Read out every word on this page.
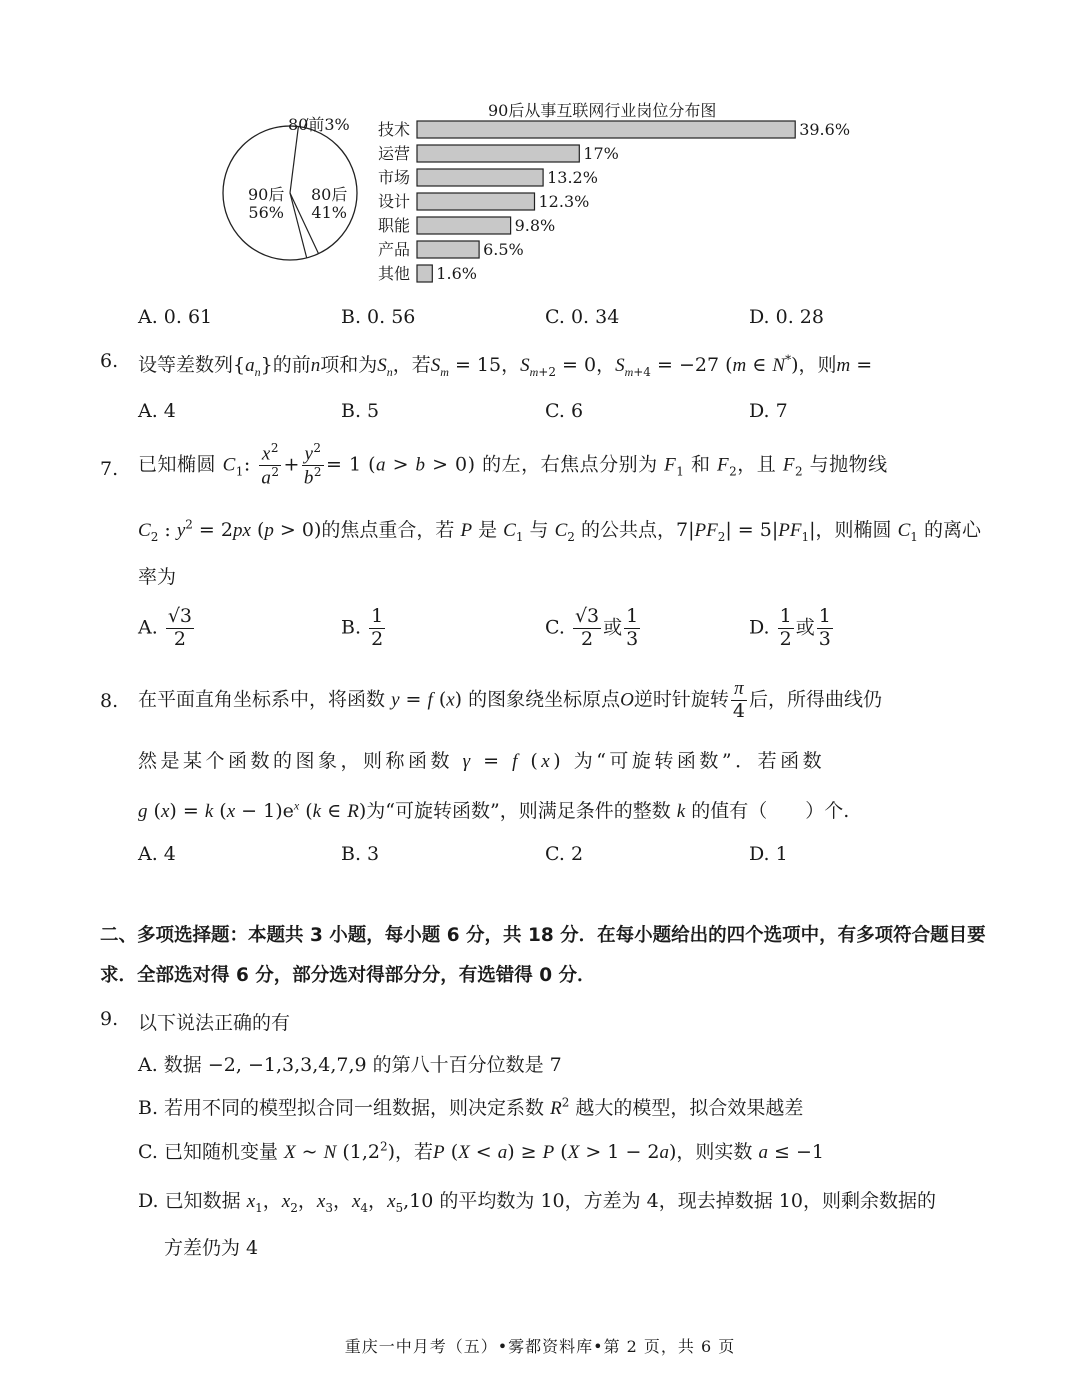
80前3%
90后
56%
80后
41%
90后从事互联网行业岗位分布图
技术	39.6%
运营	17%
市场	13.2%
设计	12.3%
职能	9.8%
产品	6.5%
其他 1.6%
A. 0. 61	B. 0. 56	C. 0. 34	D. 0. 28
6. 设等差数列$\{a_n\}$的前n项和为$S_n$，若$S_m = 15$，$S_{m+2} = 0$，$S_{m+4} = -27$ (m ∈ N*)，则m =
A. 4	B. 5	C. 6	D. 7
7. 已知椭圆 $C_1$: $\frac{x^2}{a^2} + \frac{y^2}{b^2} = 1$ (a > b > 0) 的左，右焦点分别为 $F_1$ 和 $F_2$，且 $F_2$ 与抛物线
$C_2$ : $y^2 = 2px$ (p > 0)的焦点重合，若 P 是 $C_1$ 与 $C_2$ 的公共点，$7|PF_2| = 5|PF_1|$，则椭圆 $C_1$ 的离心
率为
A. $\frac{√3}{2}$	B. $\frac{1}{2}$	C. $\frac{√3}{2}$ 或 $\frac{1}{3}$	D. $\frac{1}{2}$ 或 $\frac{1}{3}$
8. 在平面直角坐标系中，将函数 y = f (x) 的图象绕坐标原点O逆时针旋转 $\frac{\pi}{4}$ 后，所得曲线仍
然是某个函数的图象，则称函数 γ = f (x) 为“可旋转函数”．若函数
g (x) = k $(x - 1)e^x$ (k ∈ R)为“可旋转函数”，则满足条件的整数 k 的值有（　　）个.
A. 4	B. 3	C. 2	D. 1
二、多项选择题：本题共 3 小题，每小题 6 分，共 18 分．在每小题给出的四个选项中，有多项符合题目要求．全部选对得 6 分，部分选对得部分分，有选错得 0 分．
9. 以下说法正确的有
A. 数据 −2, −1,3,3,4,7,9 的第八十百分位数是 7
B. 若用不同的模型拟合同一组数据，则决定系数 $R^2$ 越大的模型，拟合效果越差
C. 已知随机变量 X ~ N $(1,2^2)$，若P (X < a) ≥ P (X > 1 − 2a)，则实数 a ≤ −1
D. 已知数据 $x_1$，$x_2$，$x_3$，$x_4$，$x_5,10$ 的平均数为 10，方差为 4，现去掉数据 10，则剩余数据的
方差仍为 4
重庆一中月考（五）•雾都资料库•第 2 页，共 6 页
